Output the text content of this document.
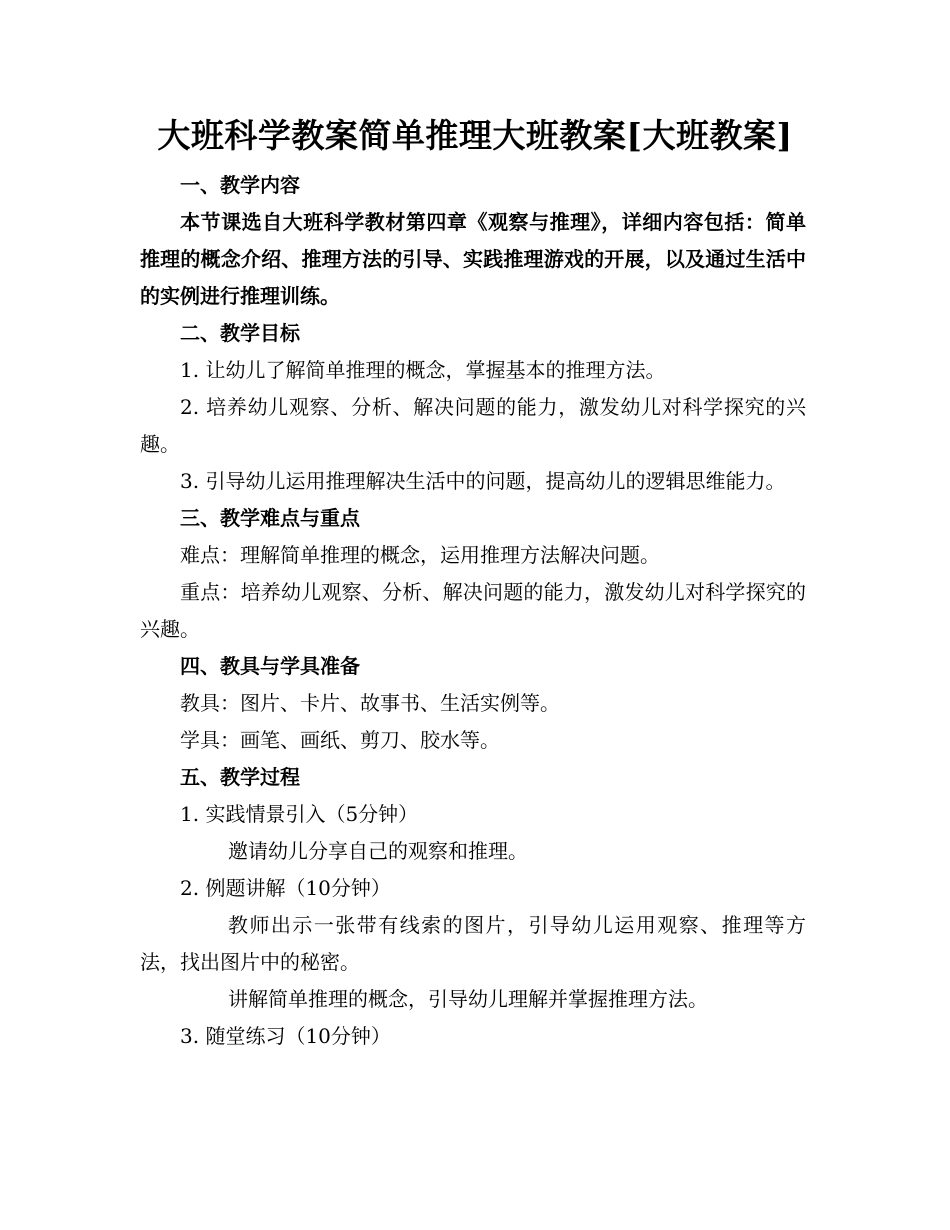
大班科学教案简单推理大班教案[大班教案]

一、教学内容

本节课选自大班科学教材第四章《观察与推理》，详细内容包括：简单推理的概念介绍、推理方法的引导、实践推理游戏的开展，以及通过生活中的实例进行推理训练。

二、教学目标

1. 让幼儿了解简单推理的概念，掌握基本的推理方法。

2. 培养幼儿观察、分析、解决问题的能力，激发幼儿对科学探究的兴趣。

3. 引导幼儿运用推理解决生活中的问题，提高幼儿的逻辑思维能力。

三、教学难点与重点

难点：理解简单推理的概念，运用推理方法解决问题。

重点：培养幼儿观察、分析、解决问题的能力，激发幼儿对科学探究的兴趣。

四、教具与学具准备

教具：图片、卡片、故事书、生活实例等。

学具：画笔、画纸、剪刀、胶水等。

五、教学过程

1. 实践情景引入（5分钟）

邀请幼儿分享自己的观察和推理。

2. 例题讲解（10分钟）

教师出示一张带有线索的图片，引导幼儿运用观察、推理等方法，找出图片中的秘密。

讲解简单推理的概念，引导幼儿理解并掌握推理方法。

3. 随堂练习（10分钟）
